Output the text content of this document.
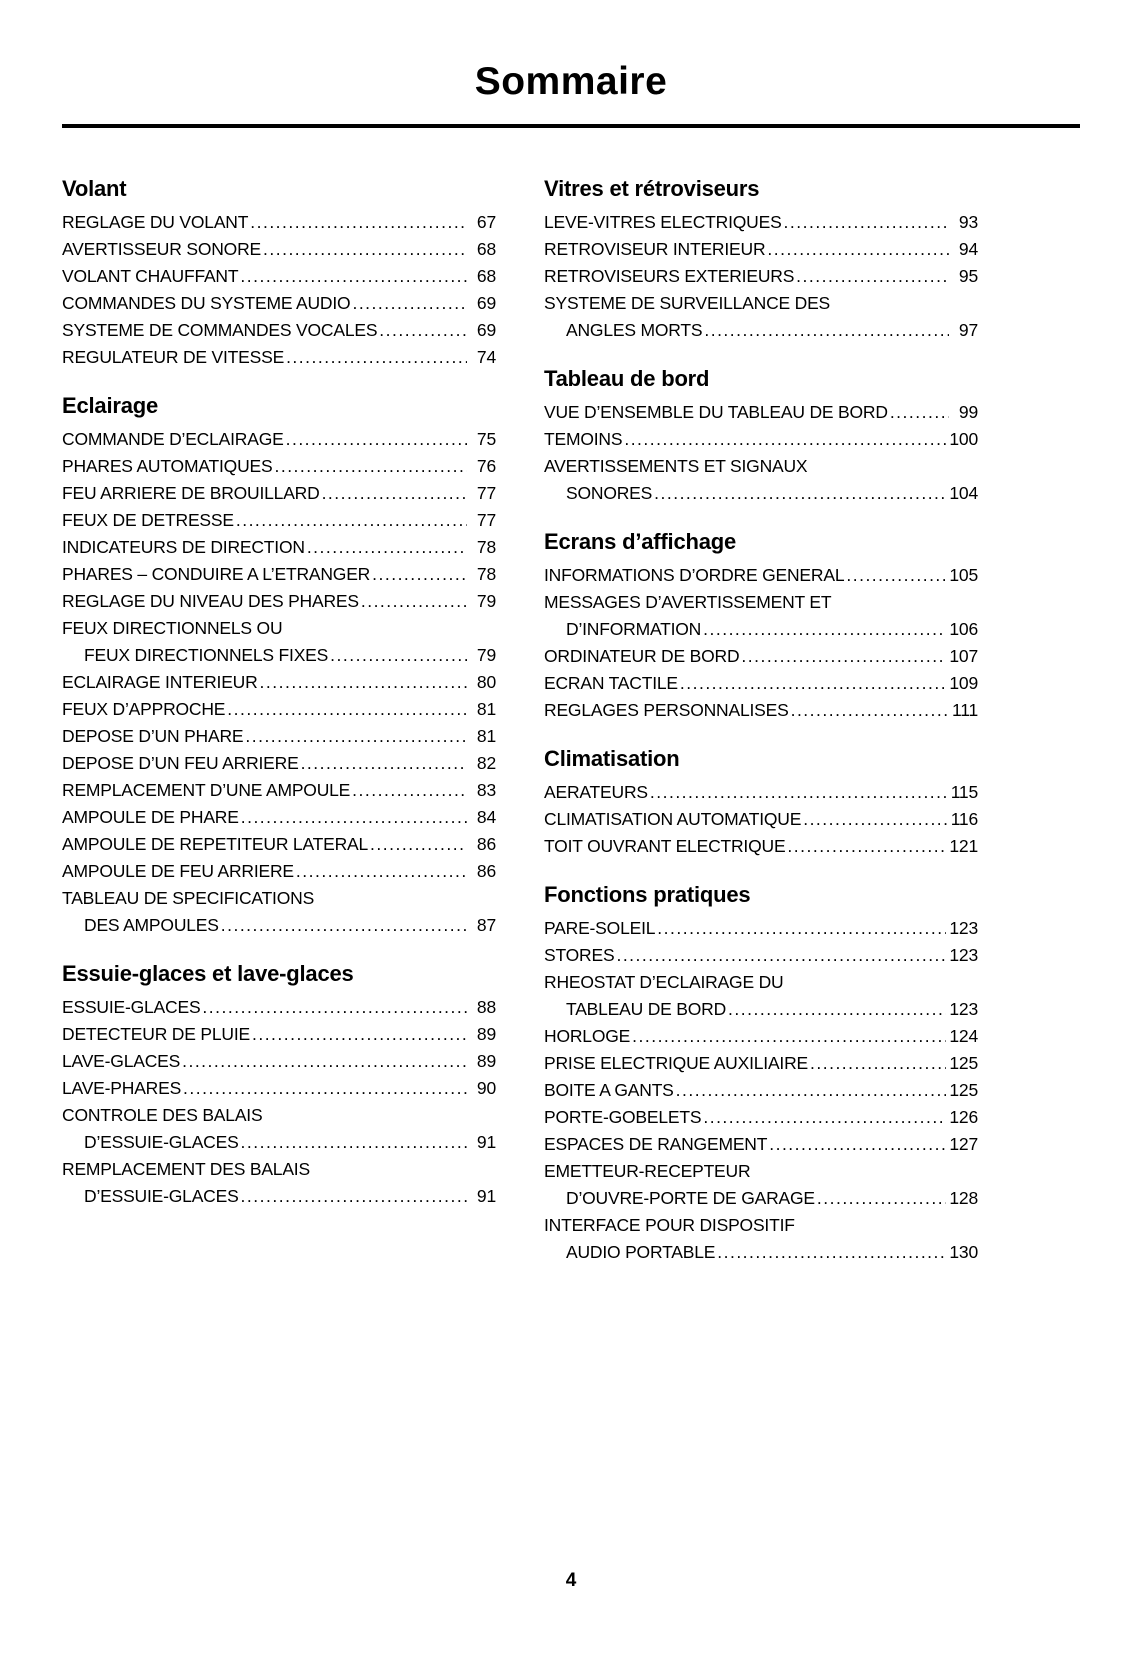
Sommaire
Volant
REGLAGE DU VOLANT .....	67
AVERTISSEUR SONORE .....	68
VOLANT CHAUFFANT .....	68
COMMANDES DU SYSTEME AUDIO .....	69
SYSTEME DE COMMANDES VOCALES .....	69
REGULATEUR DE VITESSE .....	74
Eclairage
COMMANDE D’ECLAIRAGE .....	75
PHARES AUTOMATIQUES .....	76
FEU ARRIERE DE BROUILLARD .....	77
FEUX DE DETRESSE .....	77
INDICATEURS DE DIRECTION .....	78
PHARES – CONDUIRE A L’ETRANGER .....	78
REGLAGE DU NIVEAU DES PHARES .....	79
FEUX DIRECTIONNELS OU
FEUX DIRECTIONNELS FIXES .....	79
ECLAIRAGE INTERIEUR .....	80
FEUX D’APPROCHE .....	81
DEPOSE D’UN PHARE .....	81
DEPOSE D’UN FEU ARRIERE .....	82
REMPLACEMENT D’UNE AMPOULE .....	83
AMPOULE DE PHARE .....	84
AMPOULE DE REPETITEUR LATERAL .....	86
AMPOULE DE FEU ARRIERE .....	86
TABLEAU DE SPECIFICATIONS
DES AMPOULES .....	87
Essuie-glaces et lave-glaces
ESSUIE-GLACES .....	88
DETECTEUR DE PLUIE .....	89
LAVE-GLACES .....	89
LAVE-PHARES .....	90
CONTROLE DES BALAIS
D’ESSUIE-GLACES .....	91
REMPLACEMENT DES BALAIS
D’ESSUIE-GLACES .....	91
Vitres et rétroviseurs
LEVE-VITRES ELECTRIQUES .....	93
RETROVISEUR INTERIEUR .....	94
RETROVISEURS EXTERIEURS .....	95
SYSTEME DE SURVEILLANCE DES
ANGLES MORTS .....	97
Tableau de bord
VUE D’ENSEMBLE DU TABLEAU DE BORD .....	99
TEMOINS .....	100
AVERTISSEMENTS ET SIGNAUX
SONORES .....	104
Ecrans d’affichage
INFORMATIONS D’ORDRE GENERAL .....	105
MESSAGES D’AVERTISSEMENT ET
D’INFORMATION .....	106
ORDINATEUR DE BORD .....	107
ECRAN TACTILE .....	109
REGLAGES PERSONNALISES .....	111
Climatisation
AERATEURS .....	115
CLIMATISATION AUTOMATIQUE .....	116
TOIT OUVRANT ELECTRIQUE .....	121
Fonctions pratiques
PARE-SOLEIL .....	123
STORES .....	123
RHEOSTAT D’ECLAIRAGE DU
TABLEAU DE BORD .....	123
HORLOGE .....	124
PRISE ELECTRIQUE AUXILIAIRE .....	125
BOITE A GANTS .....	125
PORTE-GOBELETS .....	126
ESPACES DE RANGEMENT .....	127
EMETTEUR-RECEPTEUR
D’OUVRE-PORTE DE GARAGE .....	128
INTERFACE POUR DISPOSITIF
AUDIO PORTABLE .....	130
4
